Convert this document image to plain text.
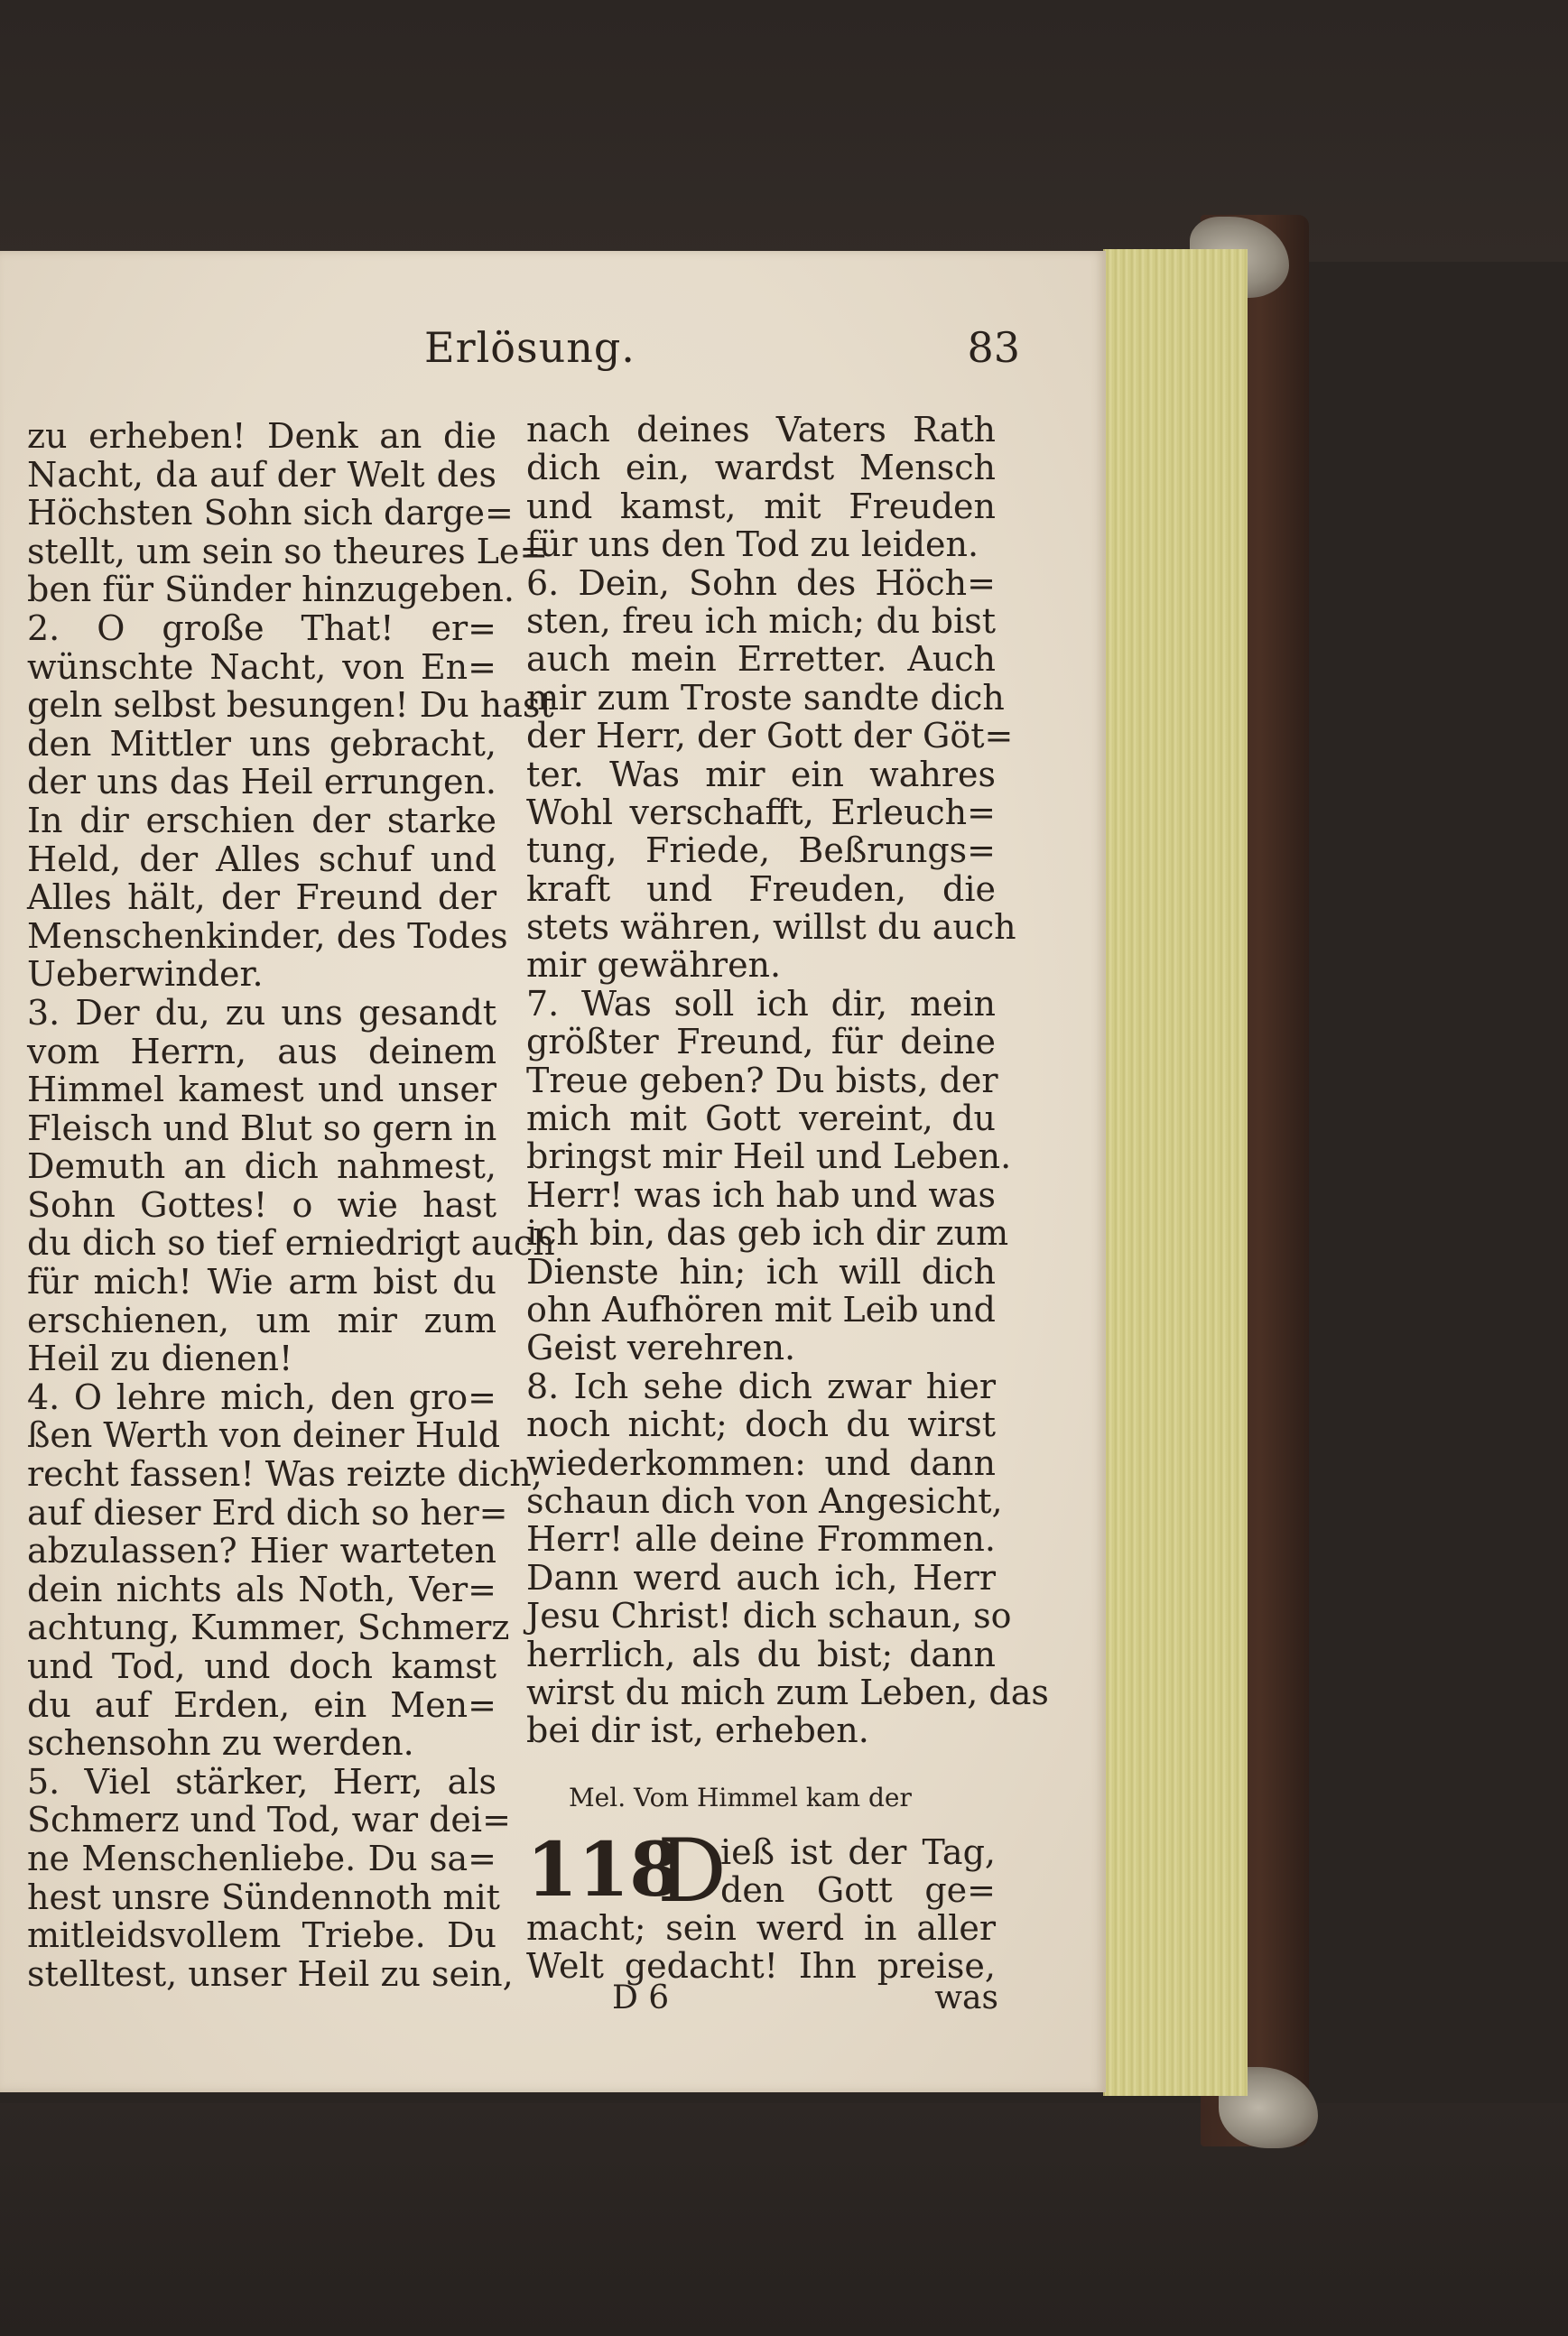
Erlösung.	83
zu erheben! Denk an die
Nacht, da auf der Welt des
Höchsten Sohn sich darge=
stellt, um sein so theures Le=
ben für Sünder hinzugeben.
2. O große That! er=
wünschte Nacht, von En=
geln selbst besungen! Du hast
den Mittler uns gebracht,
der uns das Heil errungen.
In dir erschien der starke
Held, der Alles schuf und
Alles hält, der Freund der
Menschenkinder, des Todes
Ueberwinder.
3. Der du, zu uns gesandt
vom Herrn, aus deinem
Himmel kamest und unser
Fleisch und Blut so gern in
Demuth an dich nahmest,
Sohn Gottes! o wie hast
du dich so tief erniedrigt auch
für mich! Wie arm bist du
erschienen, um mir zum
Heil zu dienen!
4. O lehre mich, den gro=
ßen Werth von deiner Huld
recht fassen! Was reizte dich,
auf dieser Erd dich so her=
abzulassen? Hier warteten
dein nichts als Noth, Ver=
achtung, Kummer, Schmerz
und Tod, und doch kamst
du auf Erden, ein Men=
schensohn zu werden.
5. Viel stärker, Herr, als
Schmerz und Tod, war dei=
ne Menschenliebe. Du sa=
hest unsre Sündennoth mit
mitleidsvollem Triebe. Du
stelltest, unser Heil zu sein,
nach deines Vaters Rath
dich ein, wardst Mensch
und kamst, mit Freuden
für uns den Tod zu leiden.
6. Dein, Sohn des Höch=
sten, freu ich mich; du bist
auch mein Erretter. Auch
mir zum Troste sandte dich
der Herr, der Gott der Göt=
ter. Was mir ein wahres
Wohl verschafft, Erleuch=
tung, Friede, Beßrungs=
kraft und Freuden, die
stets währen, willst du auch
mir gewähren.
7. Was soll ich dir, mein
größter Freund, für deine
Treue geben? Du bists, der
mich mit Gott vereint, du
bringst mir Heil und Leben.
Herr! was ich hab und was
ich bin, das geb ich dir zum
Dienste hin; ich will dich
ohn Aufhören mit Leib und
Geist verehren.
8. Ich sehe dich zwar hier
noch nicht; doch du wirst
wiederkommen: und dann
schaun dich von Angesicht,
Herr! alle deine Frommen.
Dann werd auch ich, Herr
Jesu Christ! dich schaun, so
herrlich, als du bist; dann
wirst du mich zum Leben, das
bei dir ist, erheben.
Mel. Vom Himmel kam der
118
D
ieß ist der Tag,
den Gott ge=
macht; sein werd in aller
Welt gedacht! Ihn preise,
D 6	was
